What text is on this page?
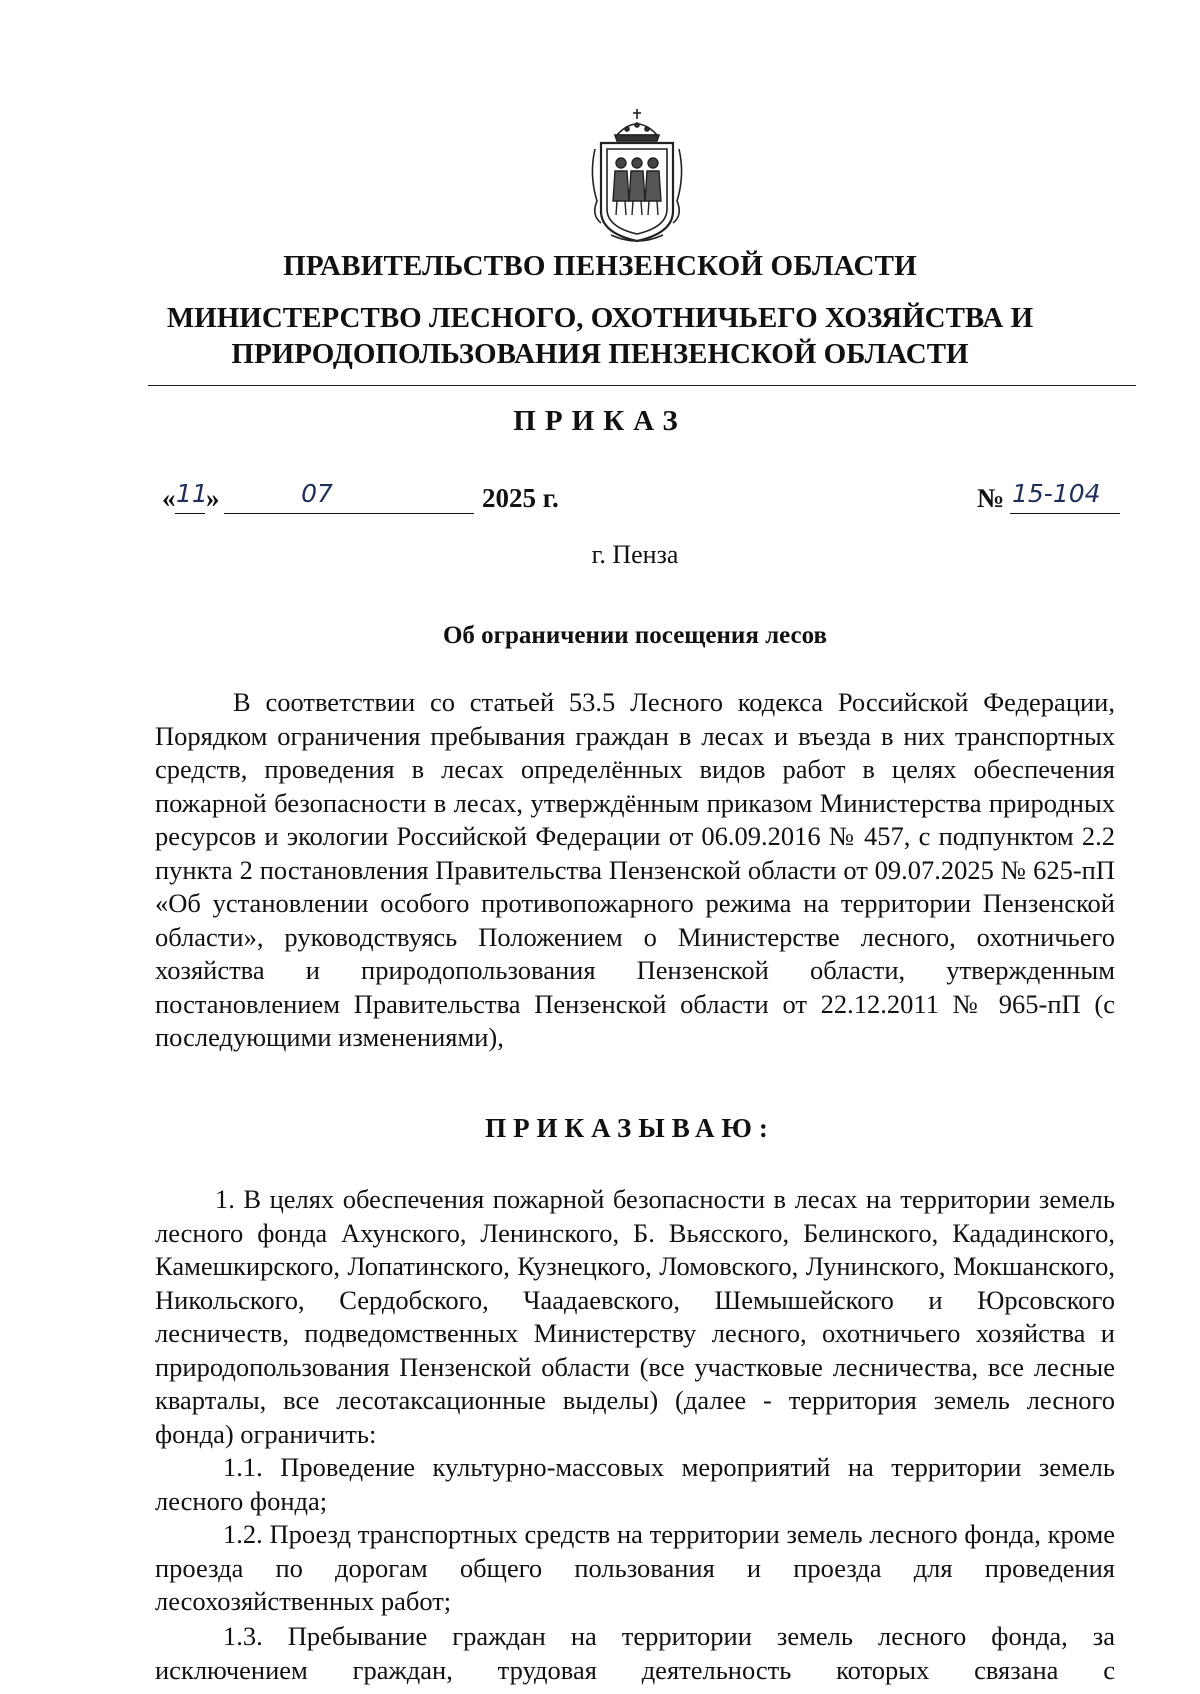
ПРАВИТЕЛЬСТВО ПЕНЗЕНСКОЙ ОБЛАСТИ
МИНИСТЕРСТВО ЛЕСНОГО, ОХОТНИЧЬЕГО ХОЗЯЙСТВА И
ПРИРОДОПОЛЬЗОВАНИЯ ПЕНЗЕНСКОЙ ОБЛАСТИ
ПРИКАЗ
« 11
»	07	2025 г.	№ 15-104
г. Пенза
Об ограничении посещения лесов
В соответствии со статьей 53.5 Лесного кодекса Российской Федерации, Порядком ограничения пребывания граждан в лесах и въезда в них транспортных средств, проведения в лесах определённых видов работ в целях обеспечения пожарной безопасности в лесах, утверждённым приказом Министерства природных ресурсов и экологии Российской Федерации от 06.09.2016 № 457, с подпунктом 2.2 пункта 2 постановления Правительства Пензенской области от 09.07.2025 № 625-пП «Об установлении особого противопожарного режима на территории Пензенской области», руководствуясь Положением о Министерстве лесного, охотничьего хозяйства и природопользования Пензенской области, утвержденным постановлением Правительства Пензенской области от 22.12.2011 № 965-пП (с последующими изменениями),
ПРИКАЗЫВАЮ:
1. В целях обеспечения пожарной безопасности в лесах на территории земель лесного фонда Ахунского, Ленинского, Б. Вьясского, Белинского, Кададинского, Камешкирского, Лопатинского, Кузнецкого, Ломовского, Лунинского, Мокшанского, Никольского, Сердобского, Чаадаевского, Шемышейского и Юрсовского лесничеств, подведомственных Министерству лесного, охотничьего хозяйства и природопользования Пензенской области (все участковые лесничества, все лесные кварталы, все лесотаксационные выделы) (далее - территория земель лесного фонда) ограничить:
1.1. Проведение культурно-массовых мероприятий на территории земель лесного фонда;
1.2. Проезд транспортных средств на территории земель лесного фонда, кроме проезда по дорогам общего пользования и проезда для проведения лесохозяйственных работ;
1.3. Пребывание граждан на территории земель лесного фонда, за исключением граждан, трудовая деятельность которых связана с
